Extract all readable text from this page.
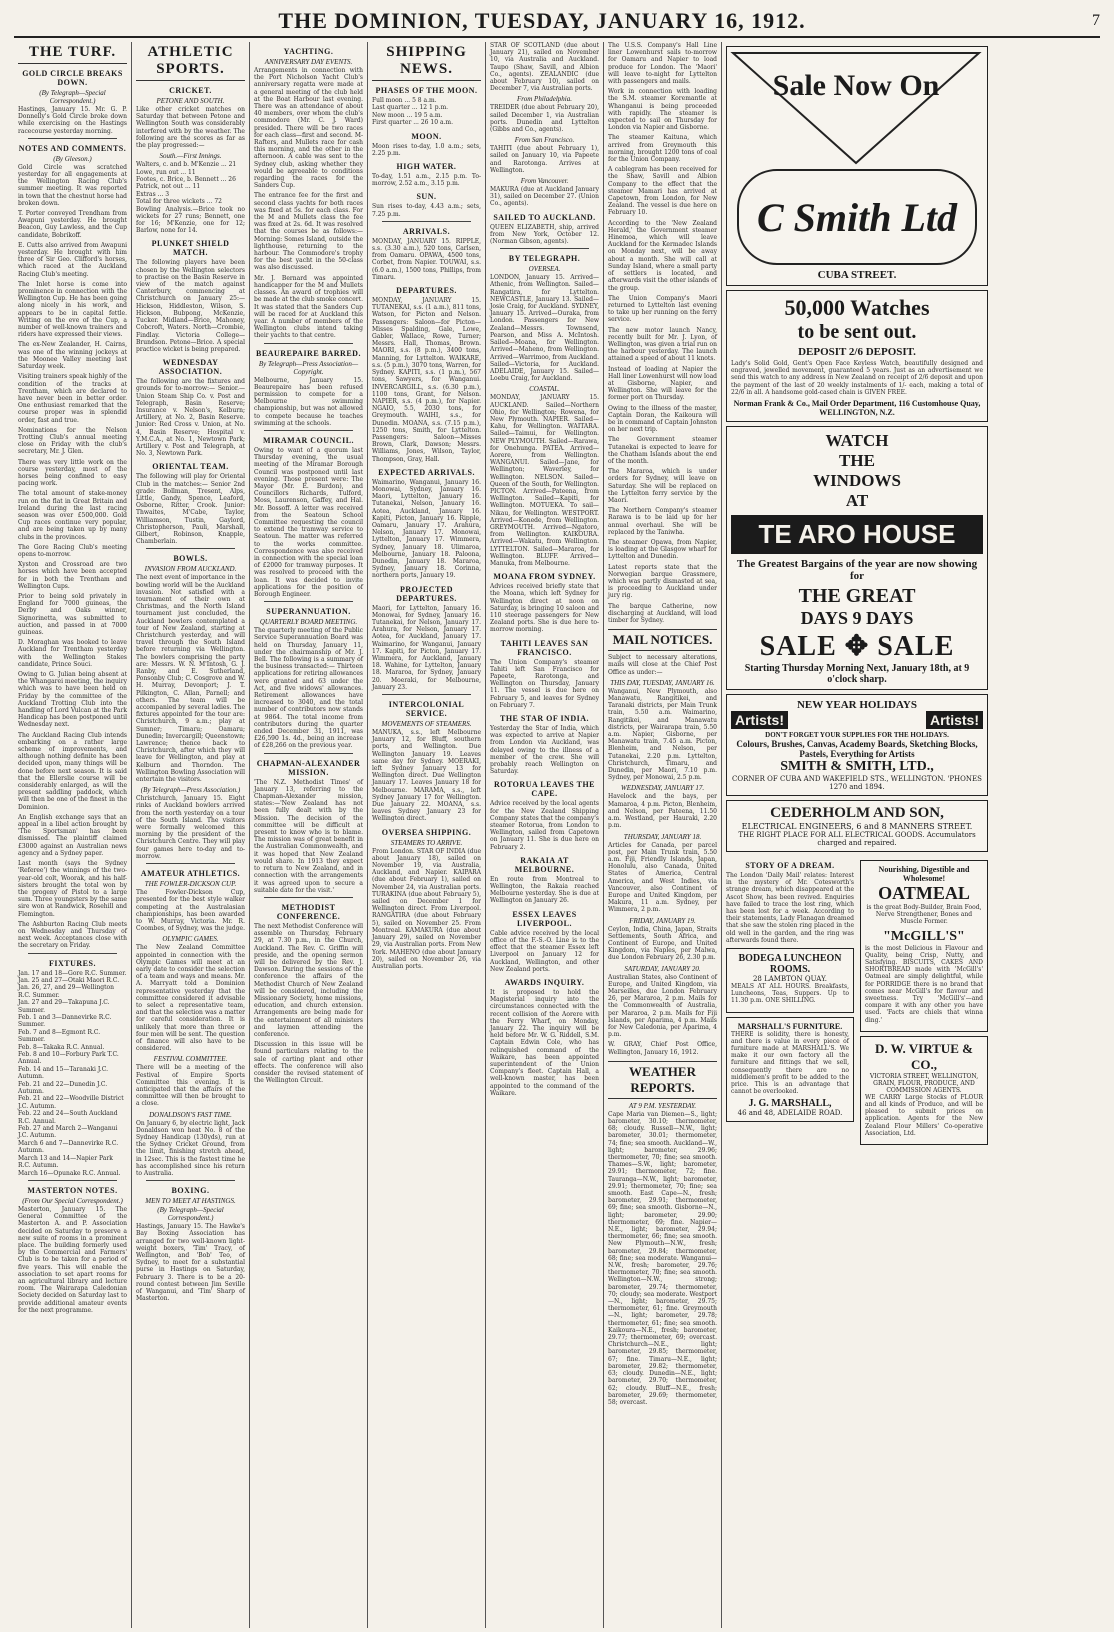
THE DOMINION, TUESDAY, JANUARY 16, 1912.	7
THE TURF.
GOLD CIRCLE BREAKS DOWN.
(By Telegraph—Special Correspondent.)

Hastings, January 15. Mr. G. P. Donnelly's Gold Circle broke down while exercising on the Hastings racecourse yesterday morning.

NOTES AND COMMENTS.
(By Gleeson.)

Gold Circle was scratched yesterday for all engagements at the Wellington Racing Club's summer meeting. It was reported in town that the chestnut horse had broken down.

T. Porter conveyed Trendham from Awapuni yesterday. He brought Beacon, Guy Lawless, and the Cup candidate, Bobrikoff.

E. Cutts also arrived from Awapuni yesterday. He brought with him three of Sir Geo. Clifford's horses, which raced at the Auckland Racing Club's meeting.

The Inlet horse is come into prominence in connection with the Wellington Cup. He has been going along nicely in his work, and appears to be in capital fettle. Writing on the eve of the Cup, a number of well-known trainers and riders have expressed their views.

The ex-New Zealander, H. Cairns, was one of the winning jockeys at the Moonee Valley meeting last Saturday week.

Visiting trainers speak highly of the condition of the tracks at Trentham, which are declared to have never been in better order. One enthusiast remarked that the course proper was in splendid order, fast and true.

Nominations for the Nelson Trotting Club's annual meeting close on Friday with the club's secretary, Mr. J. Glen.

There was very little work on the course yesterday, most of the horses being confined to easy pacing work.

The total amount of stake-money run on the flat in Great Britain and Ireland during the last racing season was over £500,000. Gold Cup races continue very popular, and are being taken up by many clubs in the provinces.

The Gore Racing Club's meeting opens to-morrow.

Xyston and Crossroad are two horses which have been accepted for in both the Trentham and Wellington Cups.

Prior to being sold privately in England for 7000 guineas, the Derby and Oaks winner, Signorinetta, was submitted to auction, and passed in at 7000 guineas.

D. Moraghan was booked to leave Auckland for Trentham yesterday with the Wellington Stakes candidate, Prince Souci.

Owing to G. Julian being absent at the Whangarei meeting, the inquiry which was to have been held on Friday by the committee of the Auckland Trotting Club into the handling of Lord Vulcan at the Park Handicap has been postponed until Wednesday next.

The Auckland Racing Club intends embarking on a rather large scheme of improvements, and although nothing definite has been decided upon, many things will be done before next season. It is said that the Ellerslie course will be considerably enlarged, as will the present saddling paddock, which will then be one of the finest in the Dominion.

An English exchange says that an appeal in a libel action brought by 'The Sportsman' has been dismissed. The plaintiff claimed £3000 against an Australian news agency and a Sydney paper.

Last month (says the Sydney 'Referee') the winnings of the two-year-old colt, Woorak, and his half-sisters brought the total won by the progeny of Pistol to a large sum. Three youngsters by the same sire won at Randwick, Rosehill and Flemington.

The Ashburton Racing Club meets on Wednesday and Thursday of next week. Acceptances close with the secretary on Friday.

FIXTURES.
Jan. 17 and 18—Gore R.C. Summer.
Jan. 25 and 27—Otaki Maori R.C.
Jan. 26, 27, and 29—Wellington R.C. Summer.
Jan. 27 and 29—Takapuna J.C. Summer.
Feb. 1 and 3—Dannevirke R.C. Summer.
Feb. 7 and 8—Egmont R.C. Summer.
Feb. 8—Takaka R.C. Annual.
Feb. 8 and 10—Forbury Park T.C. Annual.
Feb. 14 and 15—Taranaki J.C. Autumn.
Feb. 21 and 22—Dunedin J.C. Autumn.
Feb. 21 and 22—Woodville District J.C. Autumn.
Feb. 22 and 24—South Auckland R.C. Annual.
Feb. 27 and March 2—Wanganui J.C. Autumn.
March 6 and 7—Dannevirke R.C. Autumn.
March 13 and 14—Napier Park R.C. Autumn.
March 16—Opunake R.C. Annual.
MASTERTON NOTES.
(From Our Special Correspondent.)

Masterton, January 15. The General Committee of the Masterton A. and P. Association decided on Saturday to preserve a new suite of rooms in a prominent place. The building formerly used by the Commercial and Farmers' Club is to be taken for a period of five years. This will enable the association to set apart rooms for an agricultural library and lecture room. The Wairarapa Caledonian Society decided on Saturday last to provide additional amateur events for the next programme.

ATHLETIC SPORTS.
CRICKET.
PETONE AND SOUTH.

Like other cricket matches on Saturday that between Petone and Wellington South was considerably interfered with by the weather. The following are the scores as far as the play progressed:—

South.—First Innings.
Walters, c. and b. M'Kenzie ... 21
Lowe, run out ... 11
Footes, c. Brice, b. Bennett ... 26
Patrick, not out ... 11
Extras ... 3
Total for three wickets ... 72

Bowling Analysis.—Brice took no wickets for 27 runs; Bennett, one for 16; M'Kenzie, one for 12; Barlow, none for 14.

PLUNKET SHIELD MATCH.

The following players have been chosen by the Wellington selectors to practise on the Basin Reserve in view of the match against Canterbury, commencing at Christchurch on January 25:— Hickson, Hiddleston, Wilson, S. Hickson, Bubpong, McKenzie, Tucker. Midland—Brice, Mahoney, Cobcroft, Waters. North—Crombie, Findlay. Victoria College—Brundson. Petone—Brice. A special practice wicket is being prepared.

WEDNESDAY ASSOCIATION.

The following are the fixtures and grounds for to-morrow:— Senior.—Union Steam Ship Co. v. Post and Telegraph, Basin Reserve; Insurance v. Nelson's, Kelburn; Artillery, at No. 2, Basin Reserve. Junior: Red Cross v. Union, at No. 4, Basin Reserve; Hospital v. Y.M.C.A., at No. 1, Newtown Park; Artillery v. Post and Telegraph, at No. 3, Newtown Park.

ORIENTAL TEAM.

The following will play for Oriental Club in the matches:— Senior 2nd grade: Bollman, Tresent, Alps, Little, Gandy, Spence, Leaford, Osborne, Ritter, Crook. Junior: Thwaites, M'Cabe, Taylor, Williamson, Tustin, Gaylord, Christopherson, Pauli, Marshall, Gilbert, Robinson, Knapple, Chamberlain.

BOWLS.
INVASION FROM AUCKLAND.

The next event of importance in the bowling world will be the Auckland invasion. Not satisfied with a tournament of their own at Christmas, and the North Island tournament just concluded, the Auckland bowlers contemplated a tour of New Zealand, starting at Christchurch yesterday, and will travel through the South Island before returning via Wellington. The bowlers comprising the party are: Messrs. W. N. M'Intosh, G. J. Ranby, and E. Sutherland, Ponsonby Club; C. Cosgrove and W. H. Murray, Devonport; J. T. Pilkington, C. Allan, Parnell; and others. The team will be accompanied by several ladies. The fixtures appointed for the tour are: Christchurch, 9 a.m.; play at Sumner; Timaru; Oamaru; Dunedin; Invercargill; Queenstown; Lawrence; thence back to Christchurch, after which they will leave for Wellington, and play at Kelburn and Thorndon. The Wellington Bowling Association will entertain the visitors.

(By Telegraph—Press Association.)

Christchurch, January 15. Eight rinks of Auckland bowlers arrived from the north yesterday on a tour of the South Island. The visitors were formally welcomed this morning by the president of the Christchurch Centre. They will play four games here to-day and to-morrow.

AMATEUR ATHLETICS.
THE FOWLER-DICKSON CUP.

The Fowler-Dickson Cup, presented for the best style walker competing at the Australasian championships, has been awarded to W. Murray, Victoria. Mr. R. Coombes, of Sydney, was the judge.

OLYMPIC GAMES.

The New Zealand Committee appointed in connection with the Olympic Games will meet at an early date to consider the selection of a team and ways and means. Mr. A. Marryatt told a Dominion representative yesterday that the committee considered it advisable to select a representative team, and that the selection was a matter for careful consideration. It is unlikely that more than three or four men will be sent. The question of finance will also have to be considered.

FESTIVAL COMMITTEE.

There will be a meeting of the Festival of Empire Sports Committee this evening. It is anticipated that the affairs of the committee will then be brought to a close.

DONALDSON'S FAST TIME.

On January 6, by electric light, Jack Donaldson won heat No. 8 of the Sydney Handicap (130yds), run at the Sydney Cricket Ground, from the limit, finishing stretch ahead, in 12sec. This is the fastest time he has accomplished since his return to Australia.

BOXING.
MEN TO MEET AT HASTINGS.
(By Telegraph—Special Correspondent.)

Hastings, January 15. The Hawke's Bay Boxing Association has arranged for two well-known light-weight boxers, 'Tim' Tracy, of Wellington, and 'Bob' Teo, of Sydney, to meet for a substantial purse in Hastings on Saturday, February 3. There is to be a 20-round contest between Jim Seville of Wanganui, and 'Tim' Sharp of Masterton.

YACHTING.
ANNIVERSARY DAY EVENTS.

Arrangements in connection with the Port Nicholson Yacht Club's anniversary regatta were made at a general meeting of the club held at the Boat Harbour last evening. There was an attendance of about 40 members, over whom the club's commodore (Mr. C. J. Ward) presided. There will be two races for each class—first and second. M-Rafters, and Mullets race for cash this morning, and the other in the afternoon. A cable was sent to the Sydney club, asking whether they would be agreeable to conditions regarding the races for the Sanders Cup.

The entrance fee for the first and second class yachts for both races was fixed at 5s. for each class. For the M and Mullets class the fee was fixed at 2s. 6d. It was resolved that the courses be as follows:—Morning: Somes Island, outside the lighthouse, returning to the harbour. The Commodore's trophy for the best yacht in the 50-class was also discussed.

Mr. J. Bernard was appointed handicapper for the M and Mullets classes. An award of trophies will be made at the club smoke concert. It was stated that the Sanders Cup will be raced for at Auckland this year. A number of members of the Wellington clubs intend taking their yachts to that centre.

BEAUREPAIRE BARRED.
By Telegraph—Press Association—Copyright.

Melbourne, January 15. Beaurepaire has been refused permission to compete for a Melbourne swimming championship, but was not allowed to compete because he teaches swimming at the schools.

MIRAMAR COUNCIL.

Owing to want of a quorum last Thursday evening, the usual meeting of the Miramar Borough Council was postponed until last evening. Those present were: The Mayor (Mr. E. Burdon), and Councillors Richards, Tulford, Moss, Laurenson, Gaffey, and Hal. Mr. Bossoff. A letter was received from the Seatoun School Committee requesting the council to extend the tramway service to Seatoun. The matter was referred to the works committee. Correspondence was also received in connection with the special loan of £2000 for tramway purposes. It was resolved to proceed with the loan. It was decided to invite applications for the position of Borough Engineer.

SUPERANNUATION.
QUARTERLY BOARD MEETING.

The quarterly meeting of the Public Service Superannuation Board was held on Thursday, January 11, under the chairmanship of Mr. J. Bell. The following is a summary of the business transacted:— Thirteen applications for retiring allowances were granted and 63 under the Act, and five widows' allowances. Retirement allowances have increased to 3040, and the total number of contributors now stands at 9864. The total income from contributors during the quarter ended December 31, 1911, was £26,590 1s. 4d., being an increase of £28,266 on the previous year.

CHAPMAN-ALEXANDER MISSION.

'The N.Z. Methodist Times' of January 13, referring to the Chapman-Alexander mission, states:—'New Zealand has not been fully dealt with by the Mission. The decision of the committee will be difficult at present to know who is to blame. The mission was of great benefit in the Australian Commonwealth, and it was hoped that New Zealand would share. In 1913 they expect to return to New Zealand, and in connection with the arrangements it was agreed upon to secure a suitable date for the visit.'

METHODIST CONFERENCE.

The next Methodist Conference will assemble on Thursday, February 29, at 7.30 p.m., in the Church, Auckland. The Rev. C. Griffin will preside, and the opening sermon will be delivered by the Rev. J. Dawson. During the sessions of the conference the affairs of the Methodist Church of New Zealand will be considered, including the Missionary Society, home missions, education, and church extension. Arrangements are being made for the entertainment of all ministers and laymen attending the conference.

Discussion in this issue will be found particulars relating to the sale of carting plant and other effects. The conference will also consider the revised statement of the Wellington Circuit.

SHIPPING NEWS.
PHASES OF THE MOON.
Full moon ... 5 8 a.m.
Last quarter ... 12 1 p.m.
New moon ... 19 5 a.m.
First quarter ... 26 10 a.m.
MOON.

Moon rises to-day, 1.0 a.m.; sets, 2.25 p.m.

HIGH WATER.

To-day, 1.51 a.m., 2.15 p.m. To-morrow, 2.52 a.m., 3.15 p.m.

SUN.

Sun rises to-day, 4.43 a.m.; sets, 7.25 p.m.

ARRIVALS.

MONDAY, JANUARY 15. RIPPLE, s.s. (3.30 a.m.), 520 tons, Carlsen, from Oamaru. OPAWA, 4500 tons, Corbet, from Napier. TOUWAI, s.s. (6.0 a.m.), 1500 tons, Phillips, from Timaru.

DEPARTURES.

MONDAY, JANUARY 15. TUTANEKAI, s.s. (1 a.m.), 811 tons, Watson, for Picton and Nelson. Passengers: Saloon—for Picton—Misses Spalding, Gale, Lowe, Gabler, Wallace, Rowe, Turner; Messrs. Hall, Thomas, Brown. MAORI, s.s. (8 p.m.), 3400 tons, Manning, for Lyttelton. WAIKARE, s.s. (5 p.m.), 3070 tons, Warren, for Sydney. KAPITI, s.s. (1 p.m.), 567 tons, Sawyers, for Wanganui. INVERCARGILL, s.s. (6.30 p.m.), 1100 tons, Grant, for Nelson. NAPIER, s.s. (4 p.m.), for Napier. NGAIO, 5.5, 2030 tons, for Greymouth. WAIHI, s.s., for Dunedin. MOANA, s.s. (7.15 p.m.), 1250 tons, Smith, for Lyttelton. Passengers: Saloon—Misses Brown, Clark, Dawson; Messrs. Williams, Jones, Wilson, Taylor, Thompson, Gray, Hall.

EXPECTED ARRIVALS.

Waimarino, Wanganui, January 16. Monowai, Sydney, January 16. Maori, Lyttelton, January 16. Tutanekai, Nelson, January 16. Aotea, Auckland, January 16. Kapiti, Picton, January 16. Ripple, Oamaru, January 17. Arahura, Nelson, January 17. Monowai, Lyttelton, January 17. Wimmera, Sydney, January 18. Ulimaroa, Melbourne, January 18. Paloona, Dunedin, January 18. Mararoa, Sydney, January 18. Corinna, northern ports, January 19.

PROJECTED DEPARTURES.

Maori, for Lyttelton, January 16. Monowai, for Sydney, January 16. Tutanekai, for Nelson, January 17. Arahura, for Nelson, January 17. Aotea, for Auckland, January 17. Waimarino, for Wanganui, January 17. Kapiti, for Picton, January 17. Wimmera, for Auckland, January 18. Wahine, for Lyttelton, January 18. Mararoa, for Sydney, January 20. Moeraki, for Melbourne, January 23.

INTERCOLONIAL SERVICE.
MOVEMENTS OF STEAMERS.

MANUKA, s.s., left Melbourne January 12, for Bluff, southern ports, and Wellington. Due Wellington January 19. Leaves same day for Sydney. MOERAKI, left Sydney January 13 for Wellington direct. Due Wellington January 17. Leaves January 18 for Melbourne. MARAMA, s.s., left Sydney January 17 for Wellington. Due January 22. MOANA, s.s. leaves Sydney January 23 for Wellington direct.

OVERSEA SHIPPING.
STEAMERS TO ARRIVE.

From London. STAR OF INDIA (due about January 18), sailed on November 19, via Australia, Auckland, and Napier. KAIPARA (due about February 1), sailed on November 24, via Australian ports. TURAKINA (due about February 5), sailed on December 1 for Wellington direct. From Liverpool. RANGATIRA (due about February 5), sailed on November 25. From Montreal. KAMAKURA (due about January 29), sailed on November 29, via Australian ports. From New York. MAHENO (due about January 20), sailed on November 26, via Australian ports.

STAR OF SCOTLAND (due about January 21), sailed on November 10, via Australia and Auckland. Taupo (Shaw, Savill, and Albion Co., agents). ZEALANDIC (due about February 10), sailed on December 7, via Australian ports.

From Philadelphia.

TREIDER (due about February 20), sailed December 1, via Australian ports. Dunedin and Lyttelton (Gibbs and Co., agents).

From San Francisco.

TAHITI (due about February 1), sailed on January 10, via Papeete and Rarotonga. Arrives at Wellington.

From Vancouver.

MAKURA (due at Auckland January 31), sailed on December 27. (Union Co., agents).

SAILED TO AUCKLAND.

QUEEN ELIZABETH, ship, arrived from New York, October 12. (Norman Gibson, agents).

BY TELEGRAPH.
OVERSEA.

LONDON, January 15. Arrived—Athenic, from Wellington. Sailed—Rangatira, for Lyttelton. NEWCASTLE, January 13. Sailed—Josie Craig, for Auckland. SYDNEY, January 15. Arrived—Ouraka, from London. Passengers for New Zealand—Messrs. Townsend, Pearson, and Miss A. McIntosh. Sailed—Moana, for Wellington. Arrived—Maheno, from Wellington. Arrived—Warrimoo, from Auckland. Sailed—Victoria, for Auckland. ADELAIDE, January 15. Sailed—Loebu Craig, for Auckland.

COASTAL.

MONDAY, JANUARY 15. AUCKLAND. Sailed—Northern Ohio, for Wellington; Rowena, for New Plymouth. NAPIER. Sailed—Kahu, for Wellington. WAITARA. Sailed—Taimui, for Wellington. NEW PLYMOUTH. Sailed—Rarawa, for Onehunga. PATEA. Arrived—Aorere, from Wellington. WANGANUI. Sailed—Jane, for Wellington; Waverley, for Wellington. NELSON. Sailed—Queen of the South, for Wellington. PICTON. Arrived—Pateena, from Wellington. Sailed—Kapiti, for Wellington. MOTUEKA. To sail—Nikau, for Wellington. WESTPORT. Arrived—Konede, from Wellington. GREYMOUTH. Arrived—Ngatoro, from Wellington. KAIKOURA. Arrived—Wakatu, from Wellington. LYTTELTON. Sailed—Mararoa, for Wellington. BLUFF. Arrived—Manuka, from Melbourne.

MOANA FROM SYDNEY.

Advices received briefly state that the Moana, which left Sydney for Wellington direct at noon on Saturday, is bringing 10 saloon and 110 steerage passengers for New Zealand ports. She is due here to-morrow morning.

TAHITI LEAVES SAN FRANCISCO.

The Union Company's steamer Tahiti left San Francisco for Papeete, Rarotonga, and Wellington on Thursday, January 11. The vessel is due here on February 5, and leaves for Sydney on February 7.

THE STAR OF INDIA.

Yesterday the Star of India, which was expected to arrive at Napier from London via Auckland, was delayed owing to the illness of a member of the crew. She will probably reach Wellington on Saturday.

ROTORUA LEAVES THE CAPE.

Advice received by the local agents for the New Zealand Shipping Company states that the company's steamer Rotorua, from London to Wellington, sailed from Capetown on January 11. She is due here on February 2.

RAKAIA AT MELBOURNE.

En route from Montreal to Wellington, the Rakaia reached Melbourne yesterday. She is due at Wellington on January 26.

ESSEX LEAVES LIVERPOOL.

Cable advice received by the local office of the F.-S.-O. Line is to the effect that the steamer Essex left Liverpool on January 12 for Auckland, Wellington, and other New Zealand ports.

AWARDS INQUIRY.

It is proposed to hold the Magisterial inquiry into the circumstances connected with the recent collision of the Aorere with the Ferry Wharf, on Monday, January 22. The inquiry will be held before Mr. W. G. Riddell, S.M. Captain Edwin Cole, who has relinquished command of the Waikare, has been appointed superintendent of the Union Company's fleet. Captain Hall, a well-known master, has been appointed to the command of the Waikare.

The U.S.S. Company's Hall Line liner Lowenhurst sails to-morrow for Oamaru and Napier to load produce for London. The 'Maori' will leave to-night for Lyttelton with passengers and mails.

Work in connection with loading the S.M. steamer Koremantle at Whanganui is being proceeded with rapidly. The steamer is expected to sail on Thursday for London via Napier and Gisborne.

The steamer Kaituna, which arrived from Greymouth this morning, brought 1200 tons of coal for the Union Company.

A cablegram has been received for the Shaw, Savill and Albion Company to the effect that the steamer Mamari has arrived at Capetown, from London, for New Zealand. The vessel is due here on February 10.

According to the 'New Zealand Herald,' the Government steamer Hinemoa, which will leave Auckland for the Kermadec Islands on Monday next, will be away about a month. She will call at Sunday Island, where a small party of settlers is located, and afterwards visit the other islands of the group.

The Union Company's Maori returned to Lyttelton last evening to take up her running on the ferry service.

The new motor launch Nancy, recently built for Mr. J. Lyon, of Wellington, was given a trial run on the harbour yesterday. The launch attained a speed of about 11 knots.

Instead of loading at Napier the Hall liner Lowenhurst will now load at Gisborne, Napier, and Wellington. She will leave for the former port on Thursday.

Owing to the illness of the master, Captain Doran, the Kaikoura will be in command of Captain Johnston on her next trip.

The Government steamer Tutanekai is expected to leave for the Chatham Islands about the end of the month.

The Mararoa, which is under orders for Sydney, will leave on Saturday. She will be replaced on the Lyttelton ferry service by the Maori.

The Northern Company's steamer Rarawa is to be laid up for her annual overhaul. She will be replaced by the Taniwha.

The steamer Opawa, from Napier, is loading at the Glasgow wharf for Lyttelton and Dunedin.

Latest reports state that the Norwegian barque Grassmere, which was partly dismasted at sea, is proceeding to Auckland under jury rig.

The barque Catherine, now discharging at Auckland, will load timber for Sydney.

MAIL NOTICES.

Subject to necessary alterations, mails will close at the Chief Post Office as under:—

THIS DAY, TUESDAY, JANUARY 16.

Wanganui, New Plymouth, also Manawatu, Rangitikei, and Taranaki districts, per Main Trunk train, 5.50 a.m. Waimarino, Rangitikei, and Manawatu districts, per Wairarapa train, 5.50 a.m. Napier, Gisborne, per Manawatu train, 7.45 a.m. Picton, Blenheim, and Nelson, per Tutanekai, 2.20 p.m. Lyttelton, Christchurch, Timaru, and Dunedin, per Maori, 7.10 p.m. Sydney, per Monowai, 2.5 p.m.

WEDNESDAY, JANUARY 17.

Havelock and the bays, per Mamaroa, 4 p.m. Picton, Blenheim, and Nelson, per Pateena, 11.50 a.m. Westland, per Hauraki, 2.20 p.m.

THURSDAY, JANUARY 18.

Articles for Canada, per parcel post, per Main Trunk train, 5.50 a.m. Fiji, Friendly Islands, Japan, Honolulu, also Canada, United States of America, Central America, and West Indies, via Vancouver, also Continent of Europe and United Kingdom, per Makura, 11 a.m. Sydney, per Wimmera, 2 p.m.

FRIDAY, JANUARY 19.

Ceylon, India, China, Japan, Straits Settlements, South Africa, and Continent of Europe, and United Kingdom, via Naples, per Malwa, due London February 26, 2.30 p.m.

SATURDAY, JANUARY 20.

Australian States, also Continent of Europe, and United Kingdom, via Marseilles, due London February 26, per Mararoa, 2 p.m. Mails for the Commonwealth of Australia, per Mararoa, 2 p.m. Mails for Fiji Islands, per Aparima, 4 p.m. Mails for New Caledonia, per Aparima, 4 p.m.

W. GRAY, Chief Post Office, Wellington, January 16, 1912.

WEATHER REPORTS.
AT 9 P.M. YESTERDAY.

Cape Maria van Diemen—S., light; barometer, 30.10; thermometer, 68; cloudy. Russell—N.W., light; barometer, 30.01; thermometer, 74; fine; sea smooth. Auckland—W., light; barometer, 29.96; thermometer, 70; fine; sea smooth. Thames—S.W., light; barometer, 29.91; thermometer, 72; fine. Tauranga—N.W., light; barometer, 29.91; thermometer, 70; fine; sea smooth. East Cape—N., fresh; barometer, 29.91; thermometer, 69; fine; sea smooth. Gisborne—N., light; barometer, 29.90; thermometer, 69; fine. Napier—N.E., light; barometer, 29.94; thermometer, 66; fine; sea smooth. New Plymouth—N.W., fresh; barometer, 29.84; thermometer, 68; fine; sea moderate. Wanganui—N.W., fresh; barometer, 29.76; thermometer, 70; fine; sea smooth. Wellington—N.W., strong; barometer, 29.74; thermometer, 70; cloudy; sea moderate. Westport—N., light; barometer, 29.75; thermometer, 61; fine. Greymouth—N., light; barometer, 29.78; thermometer, 61; fine; sea smooth. Kaikoura—N.E., fresh; barometer, 29.77; thermometer, 69; overcast. Christchurch—N.E., light; barometer, 29.85; thermometer, 67; fine. Timaru—N.E., light; barometer, 29.82; thermometer, 63; cloudy. Dunedin—N.E., light; barometer, 29.70; thermometer, 62; cloudy. Bluff—N.E., fresh; barometer, 29.69; thermometer, 58; overcast.

Sale Now On
C Smith Ltd
CUBA STREET.
50,000 Watches
to be sent out.
DEPOSIT 2/6 DEPOSIT.

Lady's Solid Gold, Gent's Open Face Keyless Watch, beautifully designed and engraved, jewelled movement, guaranteed 5 years. Just as an advertisement we send this watch to any address in New Zealand on receipt of 2/6 deposit and upon the payment of the last of 20 weekly instalments of 1/- each, making a total of 22/6 in all. A handsome gold-cased chain is GIVEN FREE.

Norman Frank & Co., Mail Order Department, 116 Customhouse Quay, WELLINGTON, N.Z.
WATCH THE WINDOWS AT
TE ARO HOUSE
The Greatest Bargains of the year are now showing for
THE GREAT
DAYS 9 DAYS
SALE ✥ SALE
Starting Thursday Morning Next, January 18th, at 9 o'clock sharp.
NEW YEAR HOLIDAYS
Artists!	Artists!
DON'T FORGET YOUR SUPPLIES FOR THE HOLIDAYS.
Colours, Brushes, Canvas, Academy Boards, Sketching Blocks, Pastels, Everything for Artists
SMITH & SMITH, LTD.,
CORNER OF CUBA AND WAKEFIELD STS., WELLINGTON. 'PHONES 1270 and 1894.
CEDERHOLM AND SON,
ELECTRICAL ENGINEERS, 6 and 8 MANNERS STREET.
THE RIGHT PLACE FOR ALL ELECTRICAL GOODS. Accumulators charged and repaired.
STORY OF A DREAM.

The London 'Daily Mail' relates: Interest in the mystery of Mr. Cotesworth's strange dream, which disappeared at the Ascot Show, has been revived. Enquiries have failed to trace the lost ring, which has been lost for a week. According to their statements, Lady Flanagan dreamed that she saw the stolen ring placed in the old well in the garden, and the ring was afterwards found there.

BODEGA LUNCHEON ROOMS.
28 LAMBTON QUAY.

MEALS AT ALL HOURS. Breakfasts, Luncheons, Teas, Suppers. Up to 11.30 p.m. ONE SHILLING.

MARSHALL'S FURNITURE.

THERE is solidity, there is honesty, and there is value in every piece of furniture made at MARSHALL'S. We make it our own factory all the furniture and fittings that we sell, consequently there are no middlemen's profit to be added to the price. This is an advantage that cannot be overlooked.

J. G. MARSHALL,
46 and 48, ADELAIDE ROAD.
Nourishing, Digestible and Wholesome!
OATMEAL

is the great Body-Builder, Brain Food, Nerve Strengthener, Bones and Muscle Former.

"McGILL'S"

is the most Delicious in Flavour and Quality, being Crisp, Nutty, and Satisfying. BISCUITS, CAKES AND SHORTBREAD made with 'McGill's' Oatmeal are simply delightful, while for PORRIDGE there is no brand that comes near McGill's for flavour and sweetness. Try 'McGill's'—and compare it with any other you have used. 'Facts are chiels that winna ding.'

D. W. VIRTUE & CO.,
VICTORIA STREET, WELLINGTON, GRAIN, FLOUR, PRODUCE, AND COMMISSION AGENTS.

WE CARRY Large Stocks of FLOUR and all kinds of Produce, and will be pleased to submit prices on application. Agents for the New Zealand Flour Millers' Co-operative Association, Ltd.
